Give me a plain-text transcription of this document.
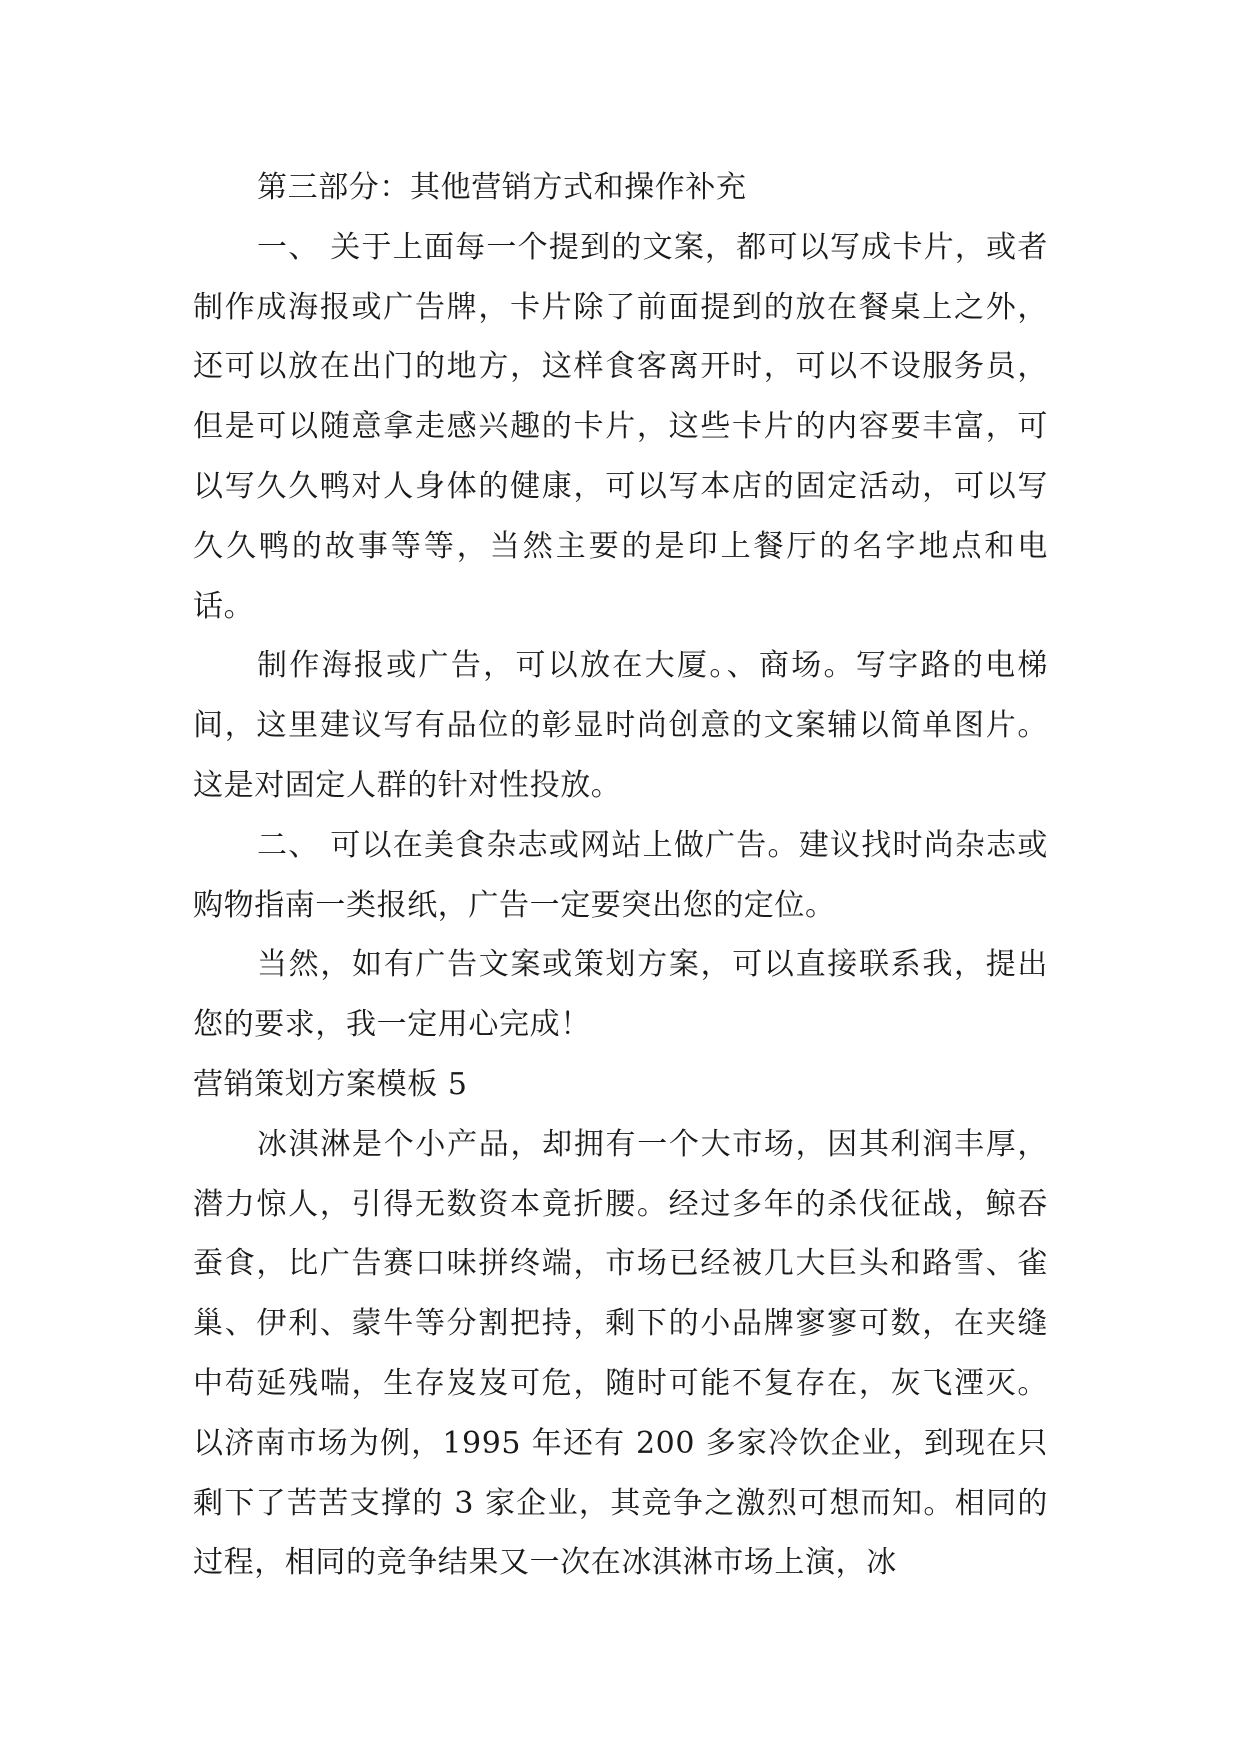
第三部分：其他营销方式和操作补充

一、 关于上面每一个提到的文案，都可以写成卡片，或者制作成海报或广告牌，卡片除了前面提到的放在餐桌上之外，还可以放在出门的地方，这样食客离开时，可以不设服务员，但是可以随意拿走感兴趣的卡片，这些卡片的内容要丰富，可以写久久鸭对人身体的健康，可以写本店的固定活动，可以写久久鸭的故事等等，当然主要的是印上餐厅的名字地点和电话。

制作海报或广告，可以放在大厦。、商场。写字路的电梯间，这里建议写有品位的彰显时尚创意的文案辅以简单图片。这是对固定人群的针对性投放。

二、 可以在美食杂志或网站上做广告。建议找时尚杂志或购物指南一类报纸，广告一定要突出您的定位。

当然，如有广告文案或策划方案，可以直接联系我，提出您的要求，我一定用心完成！

营销策划方案模板 5

冰淇淋是个小产品，却拥有一个大市场，因其利润丰厚，潜力惊人，引得无数资本竟折腰。经过多年的杀伐征战，鲸吞蚕食，比广告赛口味拼终端，市场已经被几大巨头和路雪、雀巢、伊利、蒙牛等分割把持，剩下的小品牌寥寥可数，在夹缝中苟延残喘，生存岌岌可危，随时可能不复存在，灰飞湮灭。以济南市场为例，1995 年还有 200 多家冷饮企业，到现在只剩下了苦苦支撑的 3 家企业，其竞争之激烈可想而知。相同的过程，相同的竞争结果又一次在冰淇淋市场上演，冰
